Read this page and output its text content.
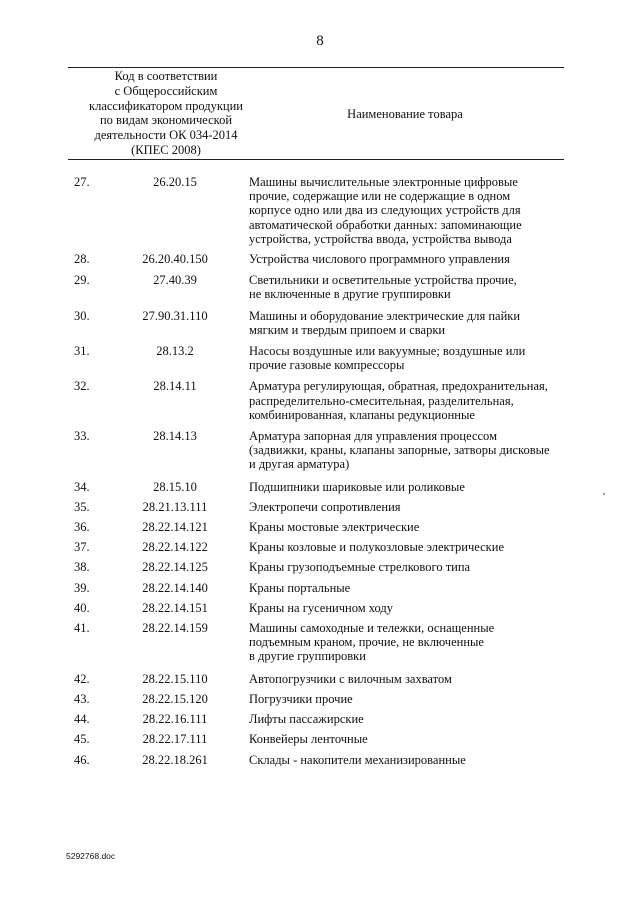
8
Код в соответствии
с Общероссийским
классификатором продукции
по видам экономической
деятельности ОК 034-2014
(КПЕС 2008)
Наименование товара
27.	26.20.15	Машины вычислительные электронные цифровые
прочие, содержащие или не содержащие в одном
корпусе одно или два из следующих устройств для
автоматической обработки данных: запоминающие
устройства, устройства ввода, устройства вывода
28.	26.20.40.150	Устройства числового программного управления
29.	27.40.39	Светильники и осветительные устройства прочие,
не включенные в другие группировки
30.	27.90.31.110	Машины и оборудование электрические для пайки
мягким и твердым припоем и сварки
31.	28.13.2	Насосы воздушные или вакуумные; воздушные или
прочие газовые компрессоры
32.	28.14.11	Арматура регулирующая, обратная, предохранительная,
распределительно-смесительная, разделительная,
комбинированная, клапаны редукционные
33.	28.14.13	Арматура запорная для управления процессом
(задвижки, краны, клапаны запорные, затворы дисковые
и другая арматура)
34.	28.15.10	Подшипники шариковые или роликовые
35.	28.21.13.111	Электропечи сопротивления
36.	28.22.14.121	Краны мостовые электрические
37.	28.22.14.122	Краны козловые и полукозловые электрические
38.	28.22.14.125	Краны грузоподъемные стрелкового типа
39.	28.22.14.140	Краны портальные
40.	28.22.14.151	Краны на гусеничном ходу
41.	28.22.14.159	Машины самоходные и тележки, оснащенные
подъемным краном, прочие, не включенные
в другие группировки
42.	28.22.15.110	Автопогрузчики с вилочным захватом
43.	28.22.15.120	Погрузчики прочие
44.	28.22.16.111	Лифты пассажирские
45.	28.22.17.111	Конвейеры ленточные
46.	28.22.18.261	Склады - накопители механизированные
5292768.doc
